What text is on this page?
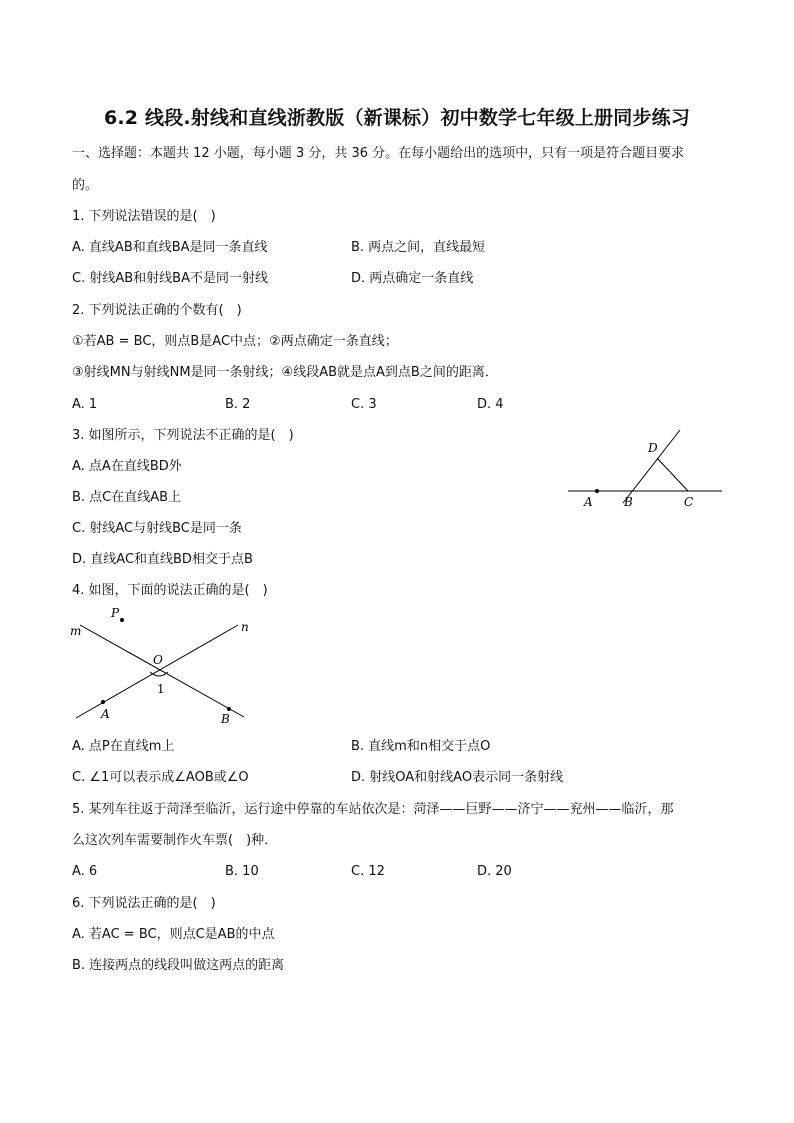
6.2 线段.射线和直线浙教版（新课标）初中数学七年级上册同步练习
一、选择题：本题共 12 小题，每小题 3 分，共 36 分。在每小题给出的选项中，只有一项是符合题目要求
的。
1. 下列说法错误的是(　)
A. 直线AB和直线BA是同一条直线	B. 两点之间，直线最短
C. 射线AB和射线BA不是同一射线	D. 两点确定一条直线
2. 下列说法正确的个数有(　)
①若AB = BC，则点B是AC中点；②两点确定一条直线；
③射线MN与射线NM是同一条射线；④线段AB就是点A到点B之间的距离．
A. 1	B. 2	C. 3	D. 4
3. 如图所示，下列说法不正确的是(　)
A. 点A在直线BD外
B. 点C在直线AB上
C. 射线AC与射线BC是同一条
D. 直线AC和直线BD相交于点B
D
A	B	C
4. 如图，下面的说法正确的是(　)
m	n
P
O
1
A	B
A. 点P在直线m上	B. 直线m和n相交于点O
C. ∠1可以表示成∠AOB或∠O	D. 射线OA和射线AO表示同一条射线
5. 某列车往返于菏泽至临沂，运行途中停靠的车站依次是：菏泽——巨野——济宁——兖州——临沂，那
么这次列车需要制作火车票(　)种．
A. 6	B. 10	C. 12	D. 20
6. 下列说法正确的是(　)
A. 若AC = BC，则点C是AB的中点
B. 连接两点的线段叫做这两点的距离
